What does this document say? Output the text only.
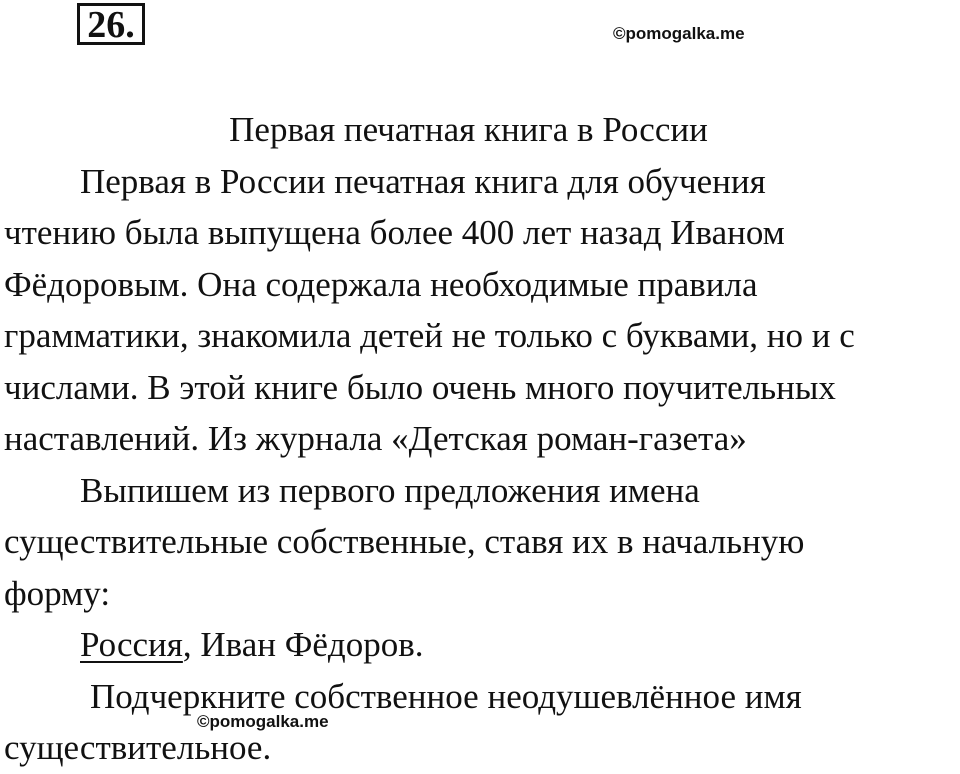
26.	©pomogalka.me
Первая печатная книга в России
Первая в России печатная книга для обучения
чтению была выпущена более 400 лет назад Иваном
Фёдоровым. Она содержала необходимые правила
грамматики, знакомила детей не только с буквами, но и с
числами. В этой книге было очень много поучительных
наставлений. Из журнала «Детская роман-газета»
Выпишем из первого предложения имена
существительные собственные, ставя их в начальную
форму:
Россия, Иван Фёдоров.
Подчеркните собственное неодушевлённое имя
существительное.
©pomogalka.me
